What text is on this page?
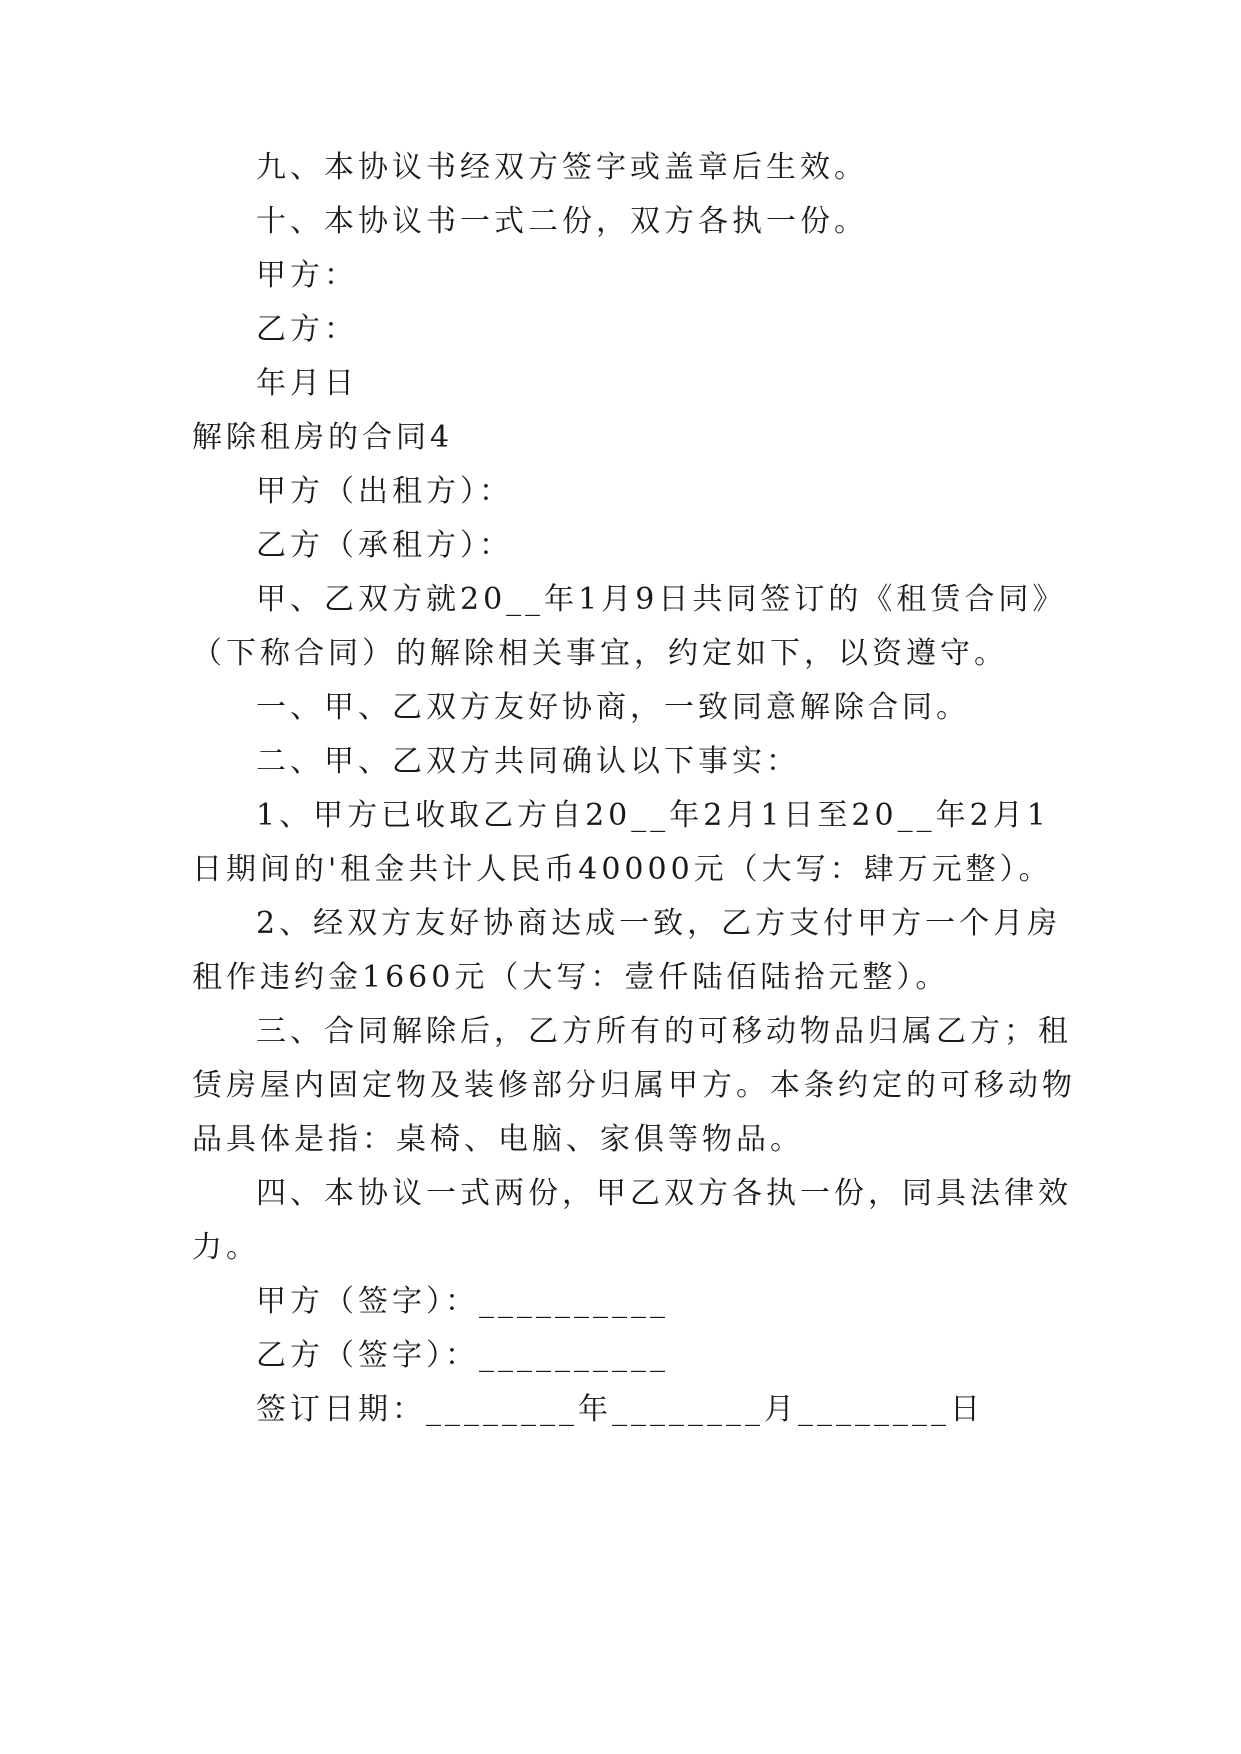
九、本协议书经双方签字或盖章后生效。
十、本协议书一式二份，双方各执一份。
甲方：
乙方：
年月日
解除租房的合同4
甲方（出租方）：
乙方（承租方）：
甲、乙双方就20__年1月9日共同签订的《租赁合同》
（下称合同）的解除相关事宜，约定如下，以资遵守。
一、甲、乙双方友好协商，一致同意解除合同。
二、甲、乙双方共同确认以下事实：
1、甲方已收取乙方自20__年2月1日至20__年2月1
日期间的'租金共计人民币40000元（大写：肆万元整）。
2、经双方友好协商达成一致，乙方支付甲方一个月房
租作违约金1660元（大写：壹仟陆佰陆拾元整）。
三、合同解除后，乙方所有的可移动物品归属乙方；租
赁房屋内固定物及装修部分归属甲方。本条约定的可移动物
品具体是指：桌椅、电脑、家俱等物品。
四、本协议一式两份，甲乙双方各执一份，同具法律效
力。
甲方（签字）：__________
乙方（签字）：__________
签订日期：________年________月________日
